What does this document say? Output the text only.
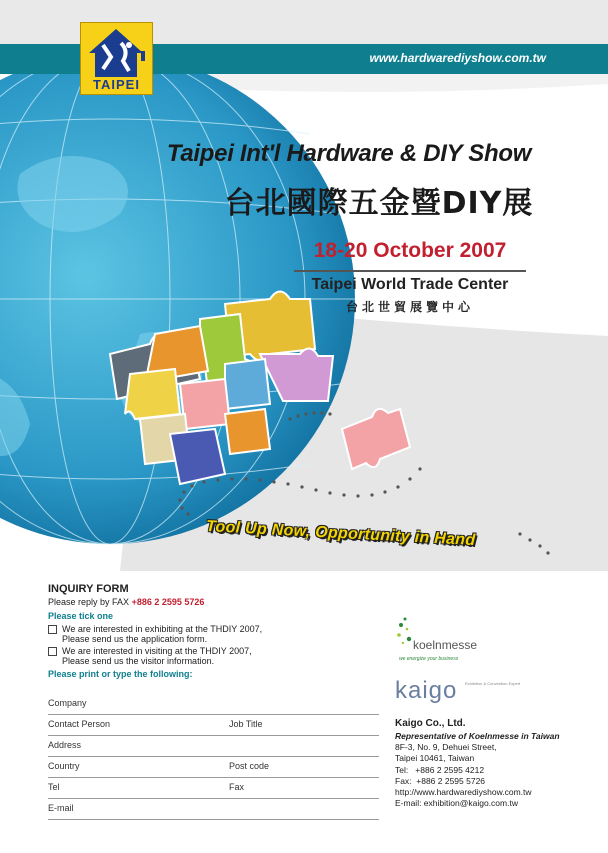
www.hardwarediyshow.com.tw
TAIPEI
Taipei Int'l Hardware & DIY Show
台北國際五金暨DIY展
18-20 October 2007
Taipei World Trade Center
台北世貿展覽中心
Tool Up Now, Opportunity in Hand
INQUIRY FORM
Please reply by FAX +886 2 2595 5726
Please tick one
We are interested in exhibiting at the THDIY 2007,
Please send us the application form.
We are interested in visiting at the THDIY 2007,
Please send us the visitor information.
Please print or type the following:
Company
Contact Person	Job Title
Address
Country	Post code
Tel	Fax
E-mail
koelnmesse
we energize your business
kaigo Exhibition & Convention Expert
Kaigo Co., Ltd.
Representative of Koelnmesse in Taiwan
8F-3, No. 9, Dehuei Street,
Taipei 10461, Taiwan
Tel:   +886 2 2595 4212
Fax:  +886 2 2595 5726
http://www.hardwarediyshow.com.tw
E-mail: exhibition@kaigo.com.tw
